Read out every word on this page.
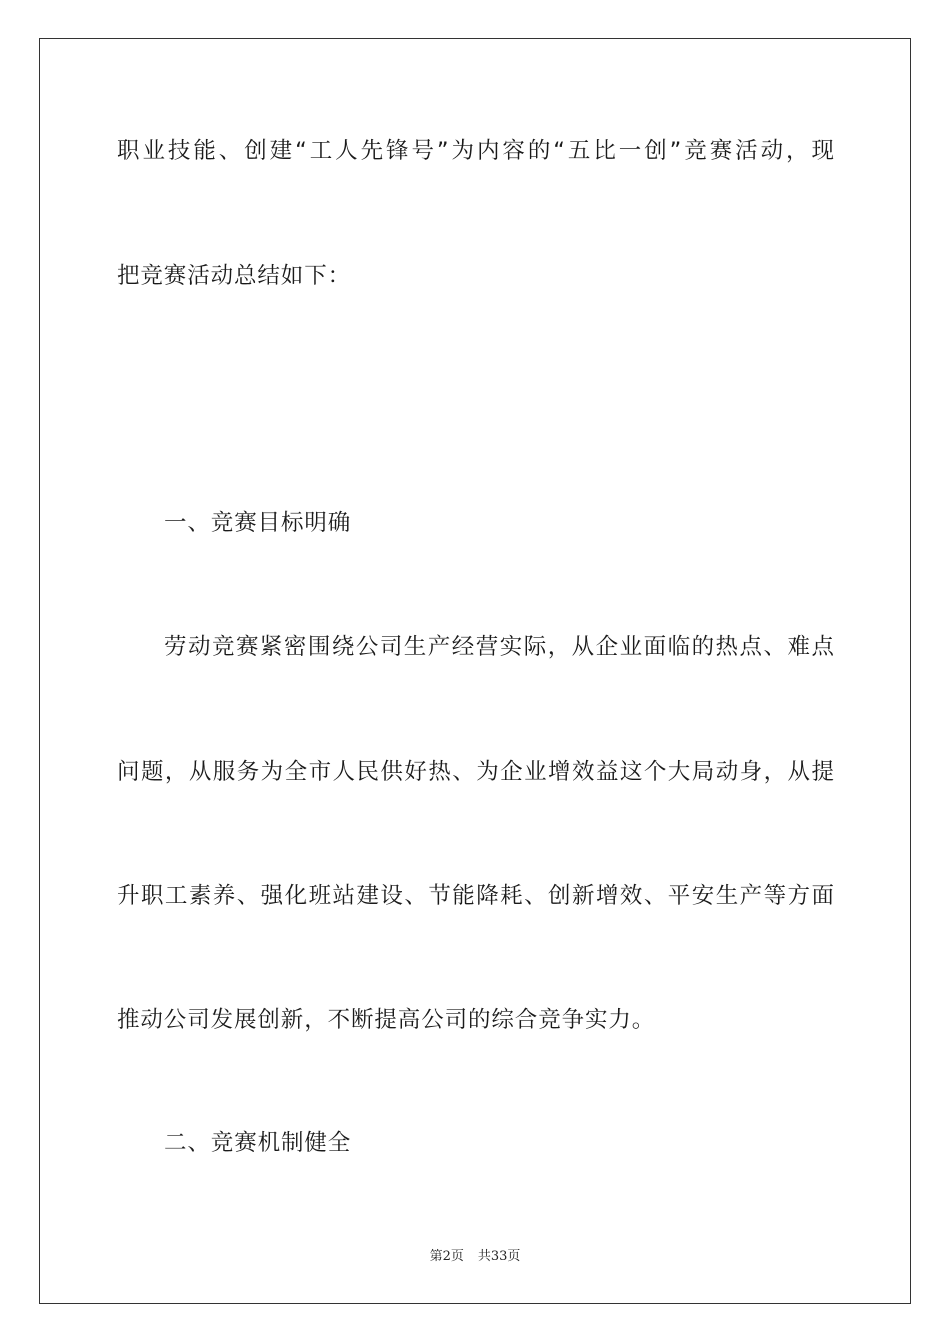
职业技能、创建“工人先锋号”为内容的“五比一创”竞赛活动，现
把竞赛活动总结如下：
一、竞赛目标明确
劳动竞赛紧密围绕公司生产经营实际，从企业面临的热点、难点
问题，从服务为全市人民供好热、为企业增效益这个大局动身，从提
升职工素养、强化班站建设、节能降耗、创新增效、平安生产等方面
推动公司发展创新，不断提高公司的综合竞争实力。
二、竞赛机制健全
第2页 共33页
